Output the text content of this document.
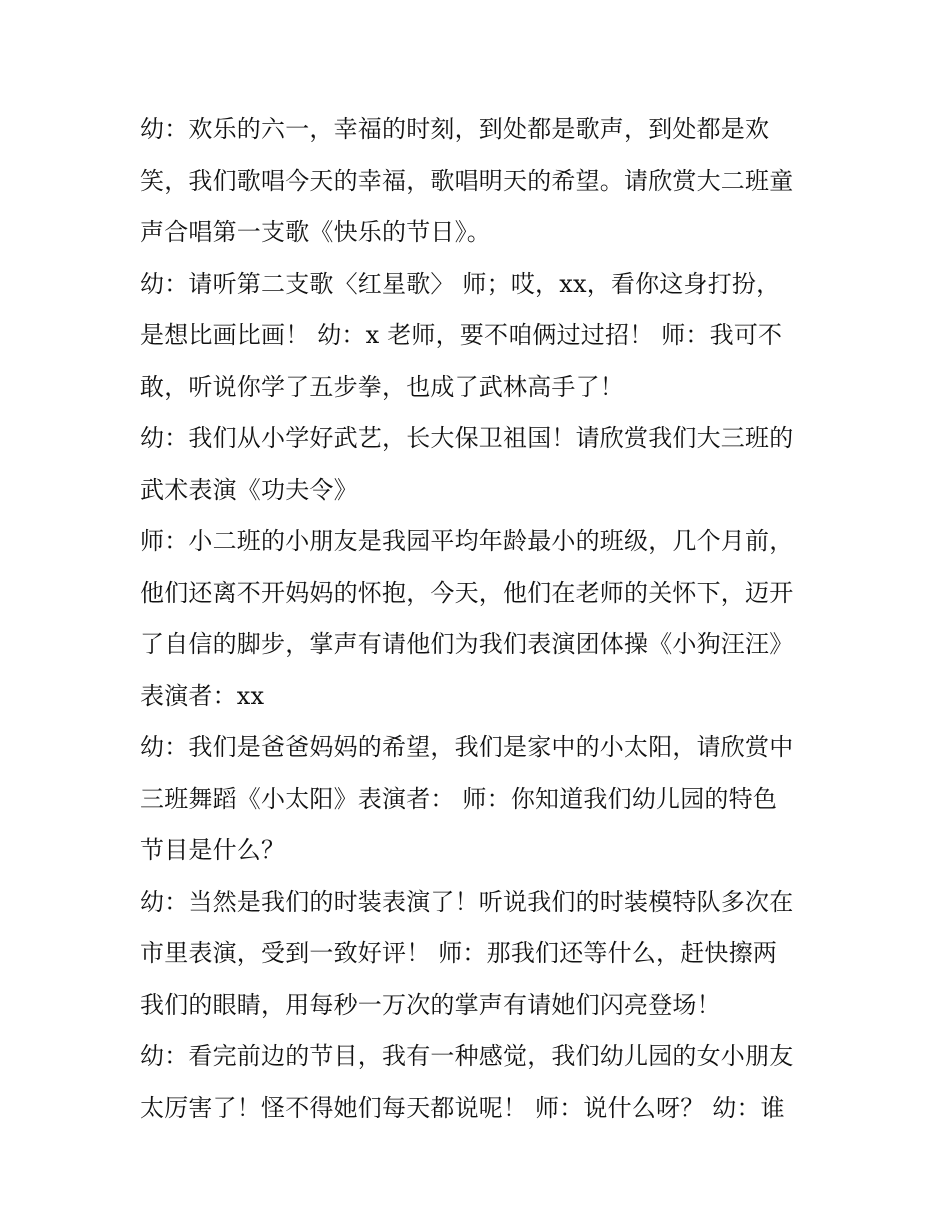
幼：欢乐的六一，幸福的时刻，到处都是歌声，到处都是欢
笑，我们歌唱今天的幸福，歌唱明天的希望。请欣赏大二班童
声合唱第一支歌《快乐的节日》。
幼：请听第二支歌〈红星歌〉 师；哎，xx，看你这身打扮，
是想比画比画！ 幼：x 老师，要不咱俩过过招！ 师：我可不
敢，听说你学了五步拳，也成了武林高手了！
幼：我们从小学好武艺，长大保卫祖国！请欣赏我们大三班的
武术表演《功夫令》
师：小二班的小朋友是我园平均年龄最小的班级，几个月前，
他们还离不开妈妈的怀抱，今天，他们在老师的关怀下，迈开
了自信的脚步，掌声有请他们为我们表演团体操《小狗汪汪》
表演者：xx
幼：我们是爸爸妈妈的希望，我们是家中的小太阳，请欣赏中
三班舞蹈《小太阳》表演者： 师：你知道我们幼儿园的特色
节目是什么？
幼：当然是我们的时装表演了！听说我们的时装模特队多次在
市里表演，受到一致好评！ 师：那我们还等什么，赶快擦两
我们的眼睛，用每秒一万次的掌声有请她们闪亮登场！
幼：看完前边的节目，我有一种感觉，我们幼儿园的女小朋友
太厉害了！怪不得她们每天都说呢！ 师：说什么呀？ 幼：谁
